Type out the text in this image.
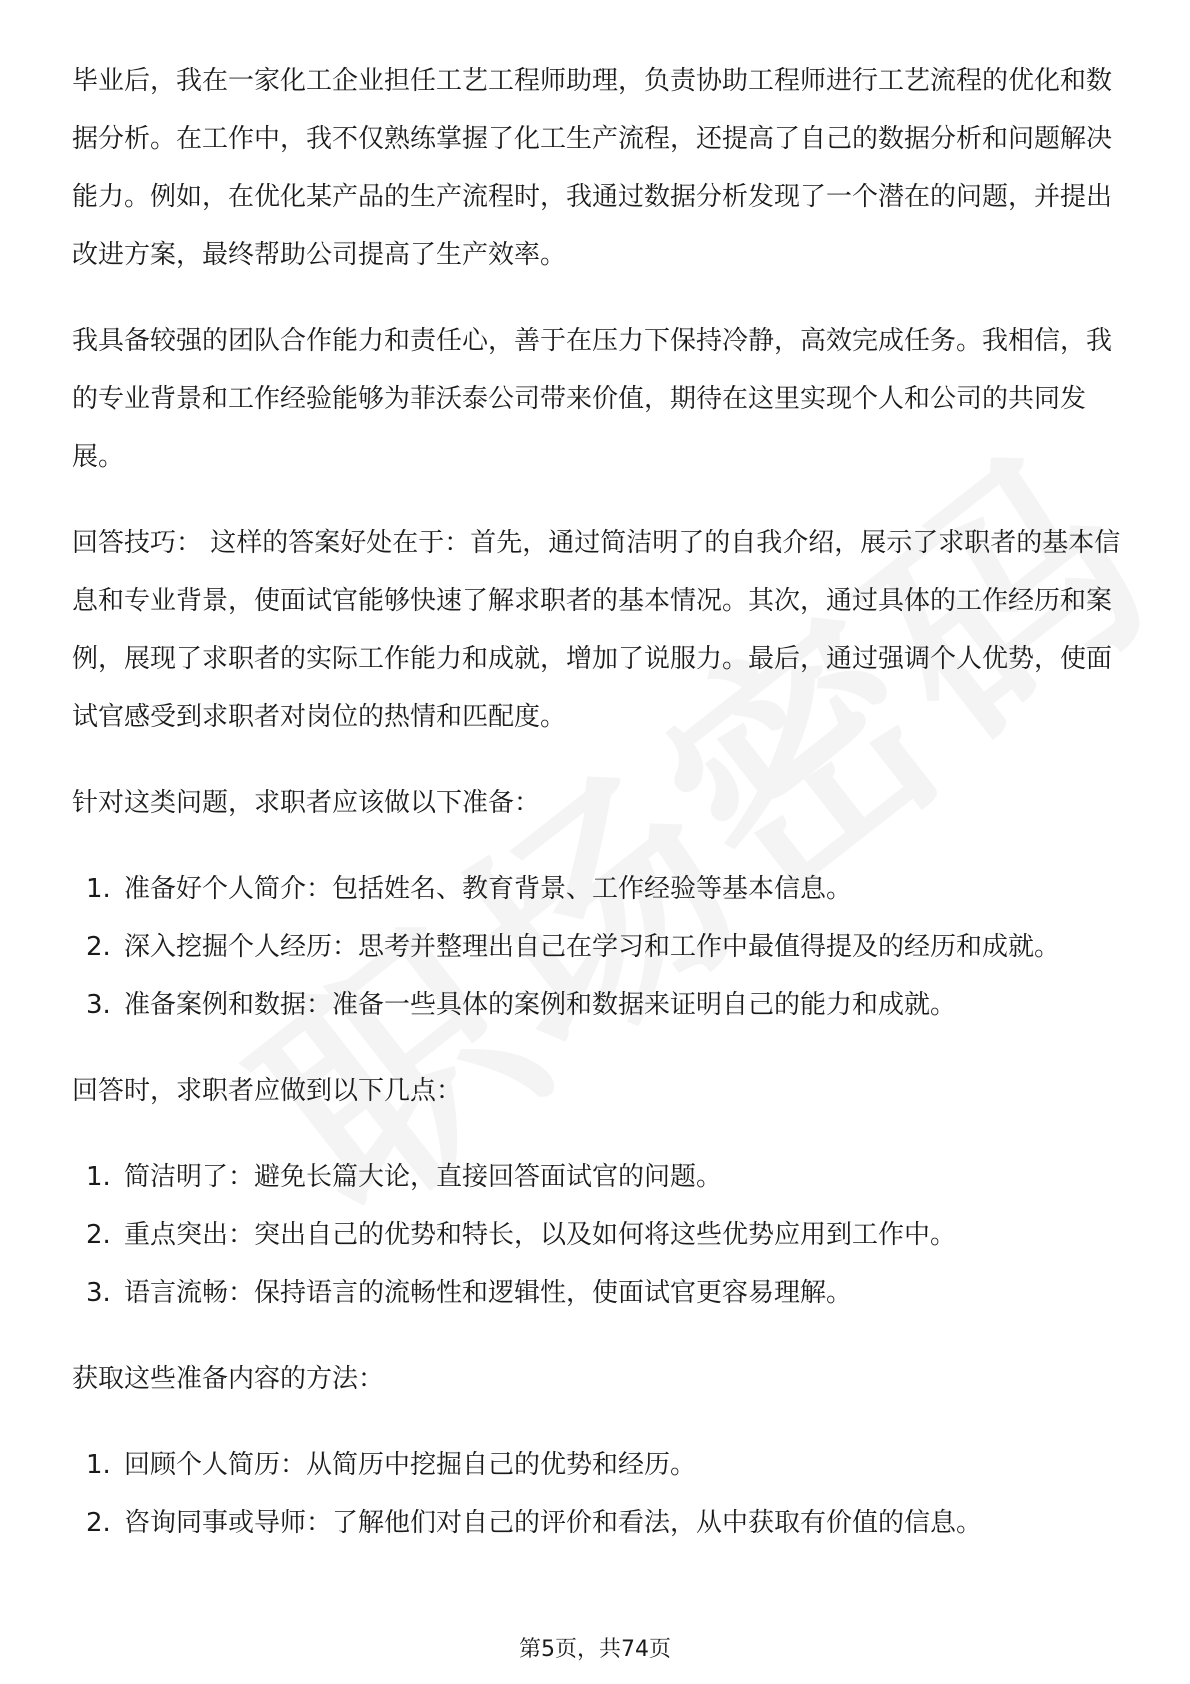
毕业后，我在一家化工企业担任工艺工程师助理，负责协助工程师进行工艺流程的优化和数据分析。在工作中，我不仅熟练掌握了化工生产流程，还提高了自己的数据分析和问题解决能力。例如，在优化某产品的生产流程时，我通过数据分析发现了一个潜在的问题，并提出改进方案，最终帮助公司提高了生产效率。

我具备较强的团队合作能力和责任心，善于在压力下保持冷静，高效完成任务。我相信，我的专业背景和工作经验能够为菲沃泰公司带来价值，期待在这里实现个人和公司的共同发展。

回答技巧： 这样的答案好处在于：首先，通过简洁明了的自我介绍，展示了求职者的基本信息和专业背景，使面试官能够快速了解求职者的基本情况。其次，通过具体的工作经历和案例，展现了求职者的实际工作能力和成就，增加了说服力。最后，通过强调个人优势，使面试官感受到求职者对岗位的热情和匹配度。

针对这类问题，求职者应该做以下准备：

1. 准备好个人简介：包括姓名、教育背景、工作经验等基本信息。
2. 深入挖掘个人经历：思考并整理出自己在学习和工作中最值得提及的经历和成就。
3. 准备案例和数据：准备一些具体的案例和数据来证明自己的能力和成就。

回答时，求职者应做到以下几点：

1. 简洁明了：避免长篇大论，直接回答面试官的问题。
2. 重点突出：突出自己的优势和特长，以及如何将这些优势应用到工作中。
3. 语言流畅：保持语言的流畅性和逻辑性，使面试官更容易理解。

获取这些准备内容的方法：

1. 回顾个人简历：从简历中挖掘自己的优势和经历。
2. 咨询同事或导师：了解他们对自己的评价和看法，从中获取有价值的信息。
第5页，共74页
